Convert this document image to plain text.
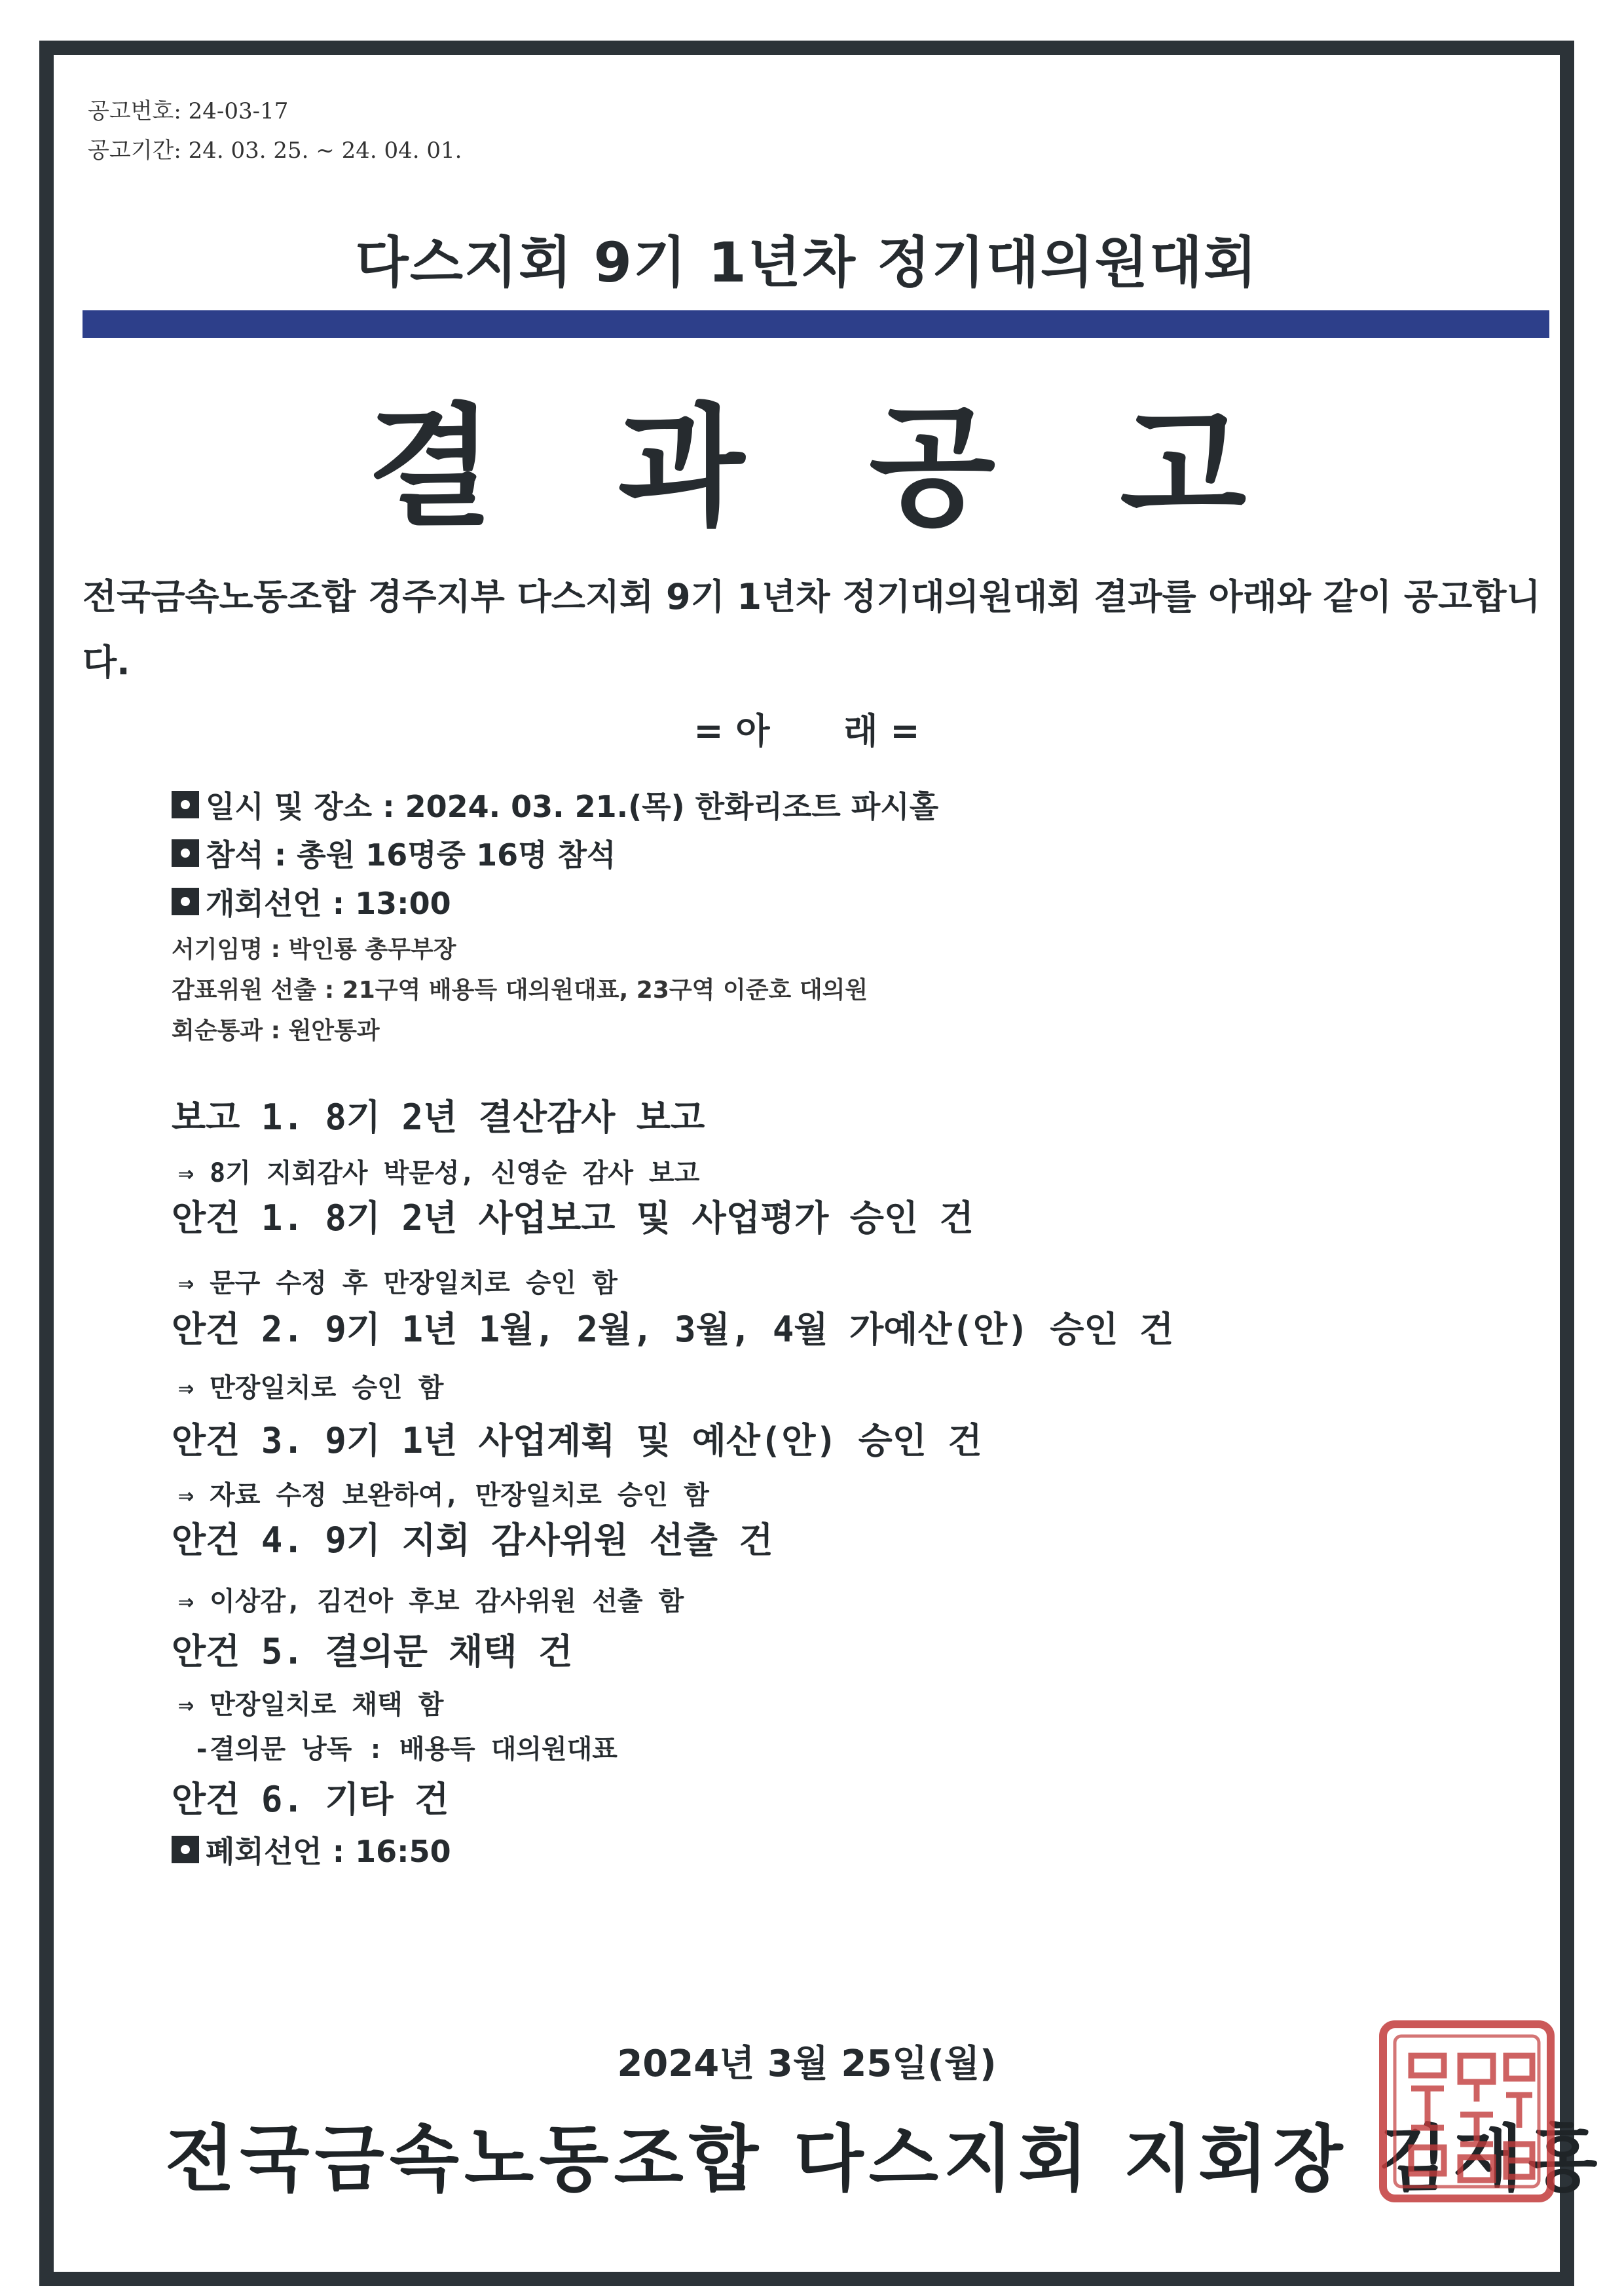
공고번호: 24-03-17
공고기간: 24. 03. 25. ~ 24. 04. 01.
다스지회 9기 1년차 정기대의원대회
결과공고
전국금속노동조합 경주지부 다스지회 9기 1년차 정기대의원대회 결과를 아래와 같이 공고합니다.
= 아      래 =
일시 및 장소 : 2024. 03. 21.(목) 한화리조트 파시홀
참석 : 총원 16명중 16명 참석
개회선언 : 13:00
서기임명 : 박인룡 총무부장
감표위원 선출 : 21구역 배용득 대의원대표, 23구역 이준호 대의원
회순통과 : 원안통과
보고 1. 8기 2년 결산감사 보고
⇒ 8기 지회감사 박문성, 신영순 감사 보고
안건 1. 8기 2년 사업보고 및 사업평가 승인 건
⇒ 문구 수정 후 만장일치로 승인 함
안건 2. 9기 1년 1월, 2월, 3월, 4월 가예산(안) 승인 건
⇒ 만장일치로 승인 함
안건 3. 9기 1년 사업계획 및 예산(안) 승인 건
⇒ 자료 수정 보완하여, 만장일치로 승인 함
안건 4. 9기 지회 감사위원 선출 건
⇒ 이상감, 김건아 후보 감사위원 선출 함
안건 5. 결의문 채택 건
⇒ 만장일치로 채택 함
-결의문 낭독 : 배용득 대의원대표
안건 6. 기타 건
폐회선언 : 16:50
2024년 3월 25일(월)
전국금속노동조합 다스지회 지회장 김재홍
